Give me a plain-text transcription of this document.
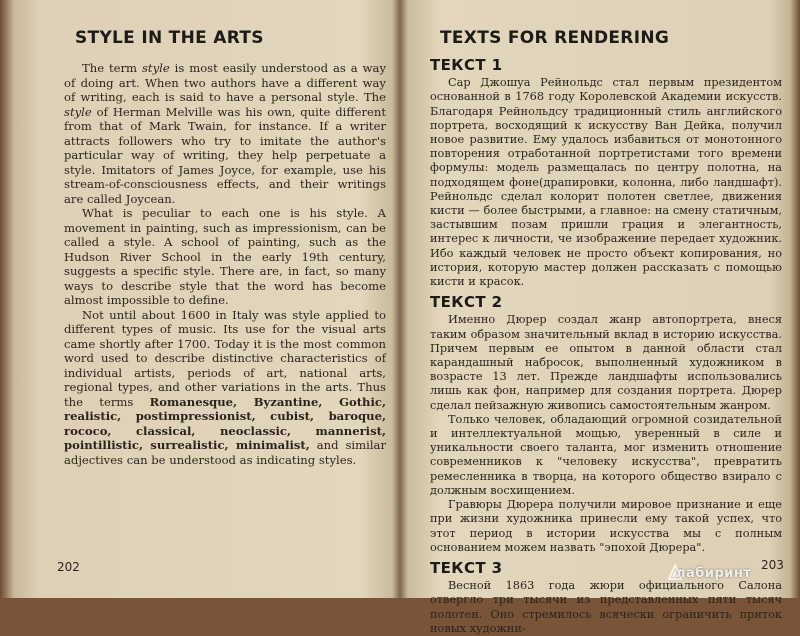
STYLE IN THE ARTS

The term style is most easily understood as a way of doing art. When two authors have a different way of writing, each is said to have a personal style. The style of Herman Melville was his own, quite different from that of Mark Twain, for instance. If a writer attracts followers who try to imitate the author's particular way of writing, they help perpetuate a style. Imitators of James Joyce, for example, use his stream-of-consciousness effects, and their writings are called Joycean.

What is peculiar to each one is his style. A movement in painting, such as impressionism, can be called a style. A school of painting, such as the Hudson River School in the early 19th century, suggests a specific style. There are, in fact, so many ways to describe style that the word has become almost impossible to define.

Not until about 1600 in Italy was style applied to different types of music. Its use for the visual arts came shortly after 1700. Today it is the most common word used to describe distinctive characteristics of individual artists, periods of art, national arts, regional types, and other variations in the arts. Thus the terms Romanesque, Byzantine, Gothic, realistic, postimpressionist, cubist, baroque, rococo, classical, neoclassic, mannerist, pointillistic, surrealistic, minimalist, and similar adjectives can be understood as indicating styles.

202
TEXTS FOR RENDERING
ТЕКСТ 1

Сар Джошуа Рейнольдс стал первым президентом основанной в 1768 году Королевской Академии искусств. Благодаря Рейнольдсу традиционный стиль английского портрета, восходящий к искусству Ван Дейка, получил новое развитие. Ему удалось избавиться от монотонного повторения отработанной портретистами того времени формулы: модель размещалась по центру полотна, на подходящем фоне(драпировки, колонна, либо ландшафт). Рейнольдс сделал колорит полотен светлее, движения кисти — более быстрыми, а главное: на смену статичным, застывшим позам пришли грация и элегантность, интерес к личности, че изображение передает художник. Ибо каждый человек не просто объект копирования, но история, которую мастер должен рассказать с помощью кисти и красок.

ТЕКСТ 2

Именно Дюрер создал жанр автопортрета, внеся таким образом значительный вклад в историю искусства. Причем первым ее опытом в данной области стал карандашный набросок, выполненный художником в возрасте 13 лет. Прежде ландшафты использовались лишь как фон, например для создания портрета. Дюрер сделал пейзажную живопись самостоятельным жанром.

Только человек, обладающий огромной созидательной и интеллектуальной мощью, уверенный в силе и уникальности своего таланта, мог изменить отношение современников к "человеку искусства", превратить ремесленника в творца, на которого общество взирало с должным восхищением.

Гравюры Дюрера получили мировое признание и еще при жизни художника принесли ему такой успех, что этот период в истории искусства мы с полным основанием можем назвать "эпохой Дюрера".

ТЕКСТ 3

Весной 1863 года жюри официального Салона отвергло три тысячи из представленных пяти тысяч полотен. Оно стремилось всячески ограничить приток новых художни-

203
лабиринт
